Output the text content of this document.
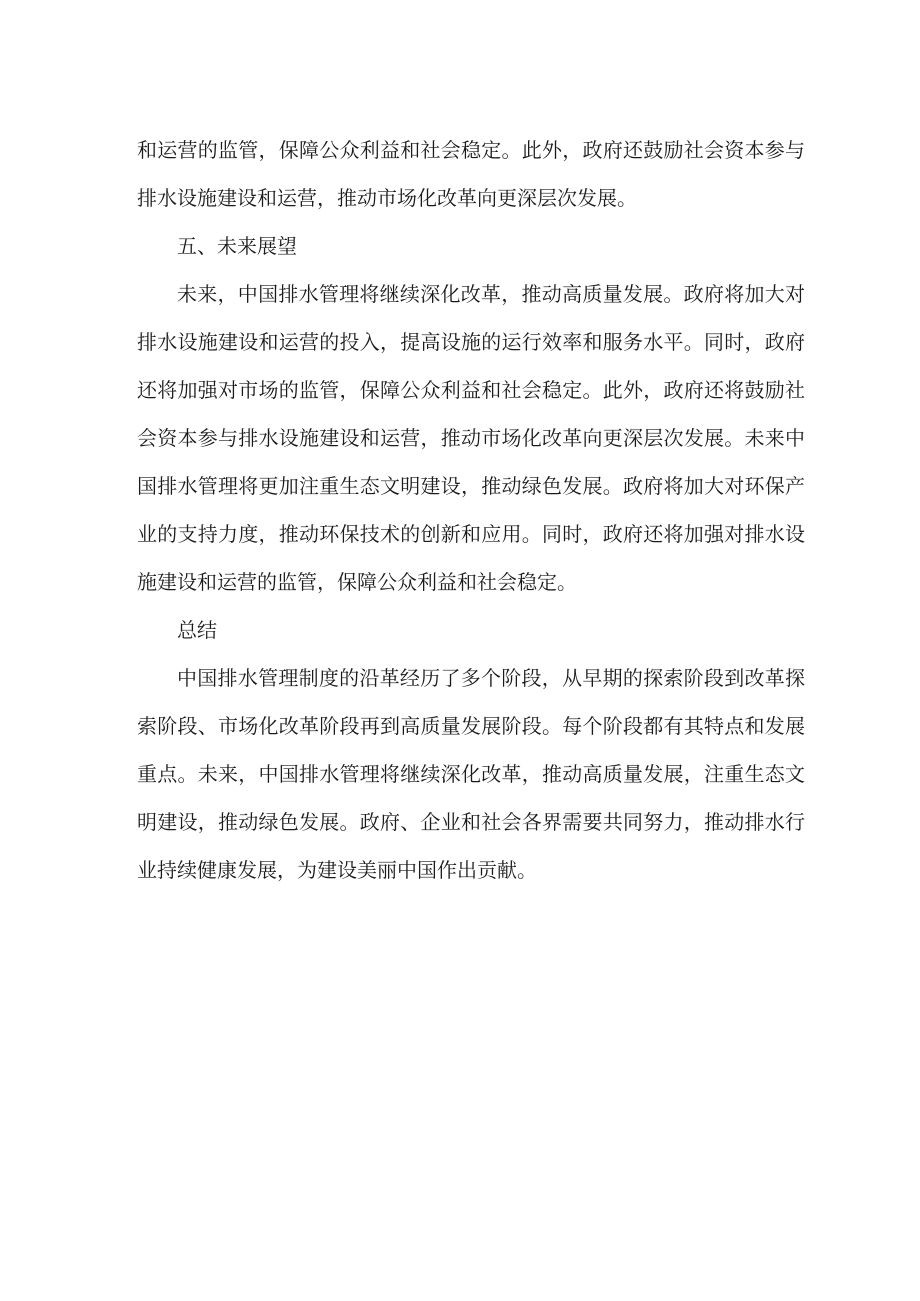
和运营的监管，保障公众利益和社会稳定。此外，政府还鼓励社会资本参与排水设施建设和运营，推动市场化改革向更深层次发展。

五、未来展望

未来，中国排水管理将继续深化改革，推动高质量发展。政府将加大对排水设施建设和运营的投入，提高设施的运行效率和服务水平。同时，政府还将加强对市场的监管，保障公众利益和社会稳定。此外，政府还将鼓励社会资本参与排水设施建设和运营，推动市场化改革向更深层次发展。未来中国排水管理将更加注重生态文明建设，推动绿色发展。政府将加大对环保产业的支持力度，推动环保技术的创新和应用。同时，政府还将加强对排水设施建设和运营的监管，保障公众利益和社会稳定。

总结

中国排水管理制度的沿革经历了多个阶段，从早期的探索阶段到改革探索阶段、市场化改革阶段再到高质量发展阶段。每个阶段都有其特点和发展重点。未来，中国排水管理将继续深化改革，推动高质量发展，注重生态文明建设，推动绿色发展。政府、企业和社会各界需要共同努力，推动排水行业持续健康发展，为建设美丽中国作出贡献。
